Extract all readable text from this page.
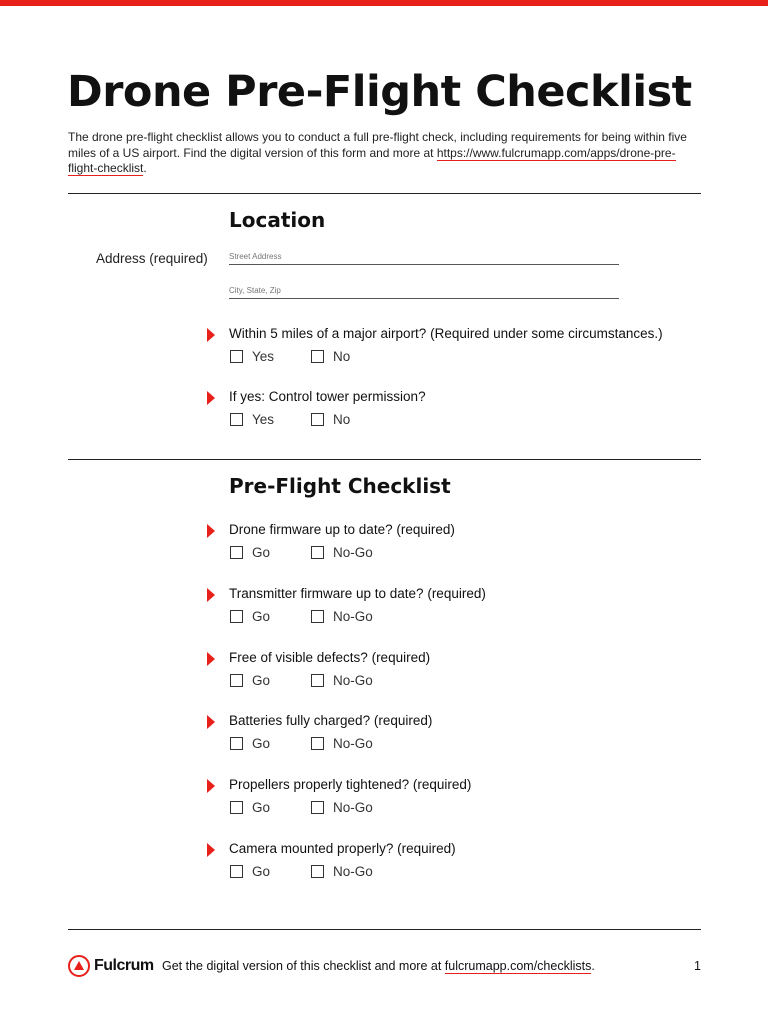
Drone Pre-Flight Checklist
The drone pre-flight checklist allows you to conduct a full pre-flight check, including requirements for being within five miles of a US airport. Find the digital version of this form and more at https://www.fulcrumapp.com/apps/drone-pre-flight-checklist.
Location
Address (required)	Street Address
City, State, Zip
Within 5 miles of a major airport? (Required under some circumstances.)
Yes	No
If yes: Control tower permission?
Yes	No
Pre-Flight Checklist
Drone firmware up to date? (required)
Go	No-Go
Transmitter firmware up to date? (required)
Go	No-Go
Free of visible defects? (required)
Go	No-Go
Batteries fully charged? (required)
Go	No-Go
Propellers properly tightened? (required)
Go	No-Go
Camera mounted properly? (required)
Go	No-Go
Fulcrum Get the digital version of this checklist and more at fulcrumapp.com/checklists.	1
